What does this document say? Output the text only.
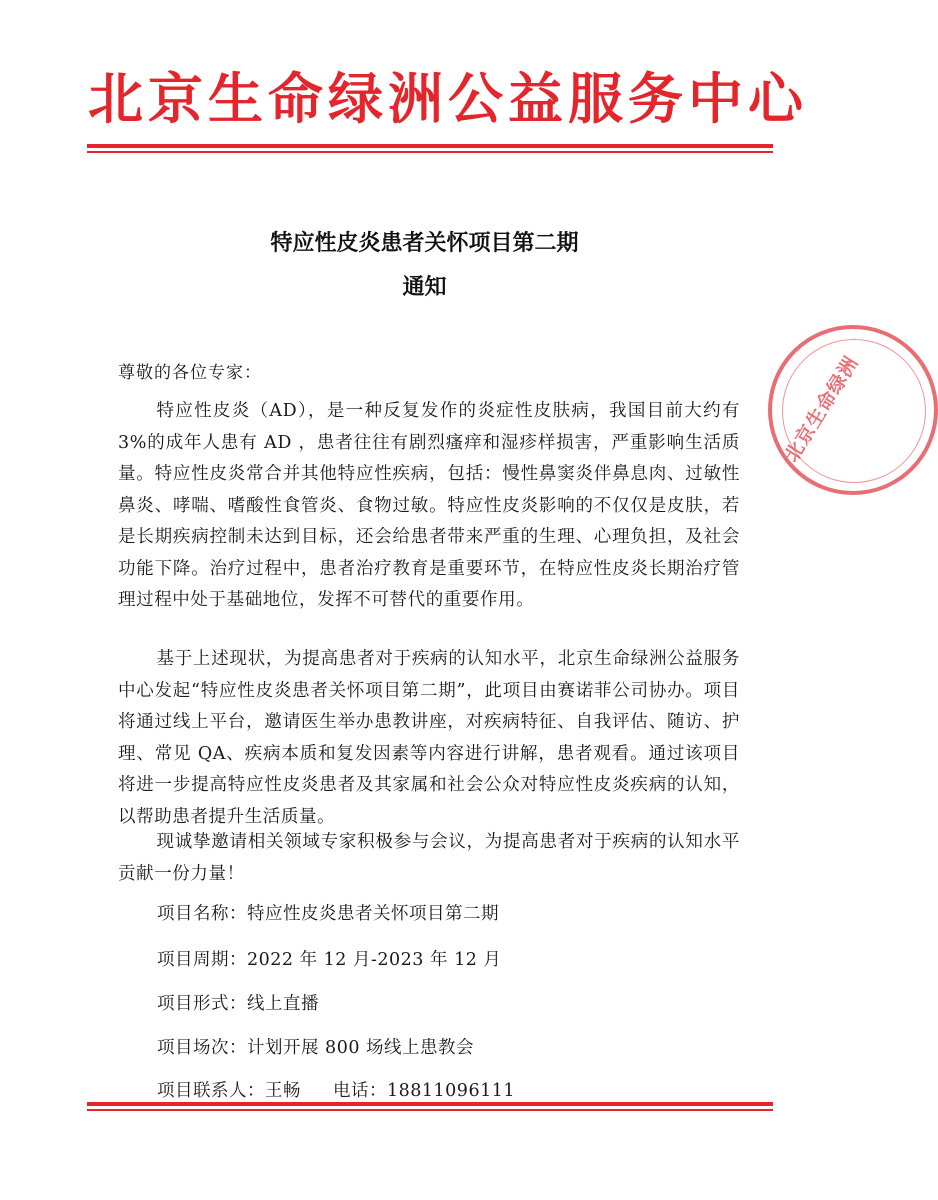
北京生命绿洲公益服务中心
特应性皮炎患者关怀项目第二期
通知
尊敬的各位专家：

特应性皮炎（AD），是一种反复发作的炎症性皮肤病，我国目前大约有 3%的成年人患有 AD ，患者往往有剧烈瘙痒和湿疹样损害，严重影响生活质量。特应性皮炎常合并其他特应性疾病，包括：慢性鼻窦炎伴鼻息肉、过敏性鼻炎、哮喘、嗜酸性食管炎、食物过敏。特应性皮炎影响的不仅仅是皮肤，若是长期疾病控制未达到目标，还会给患者带来严重的生理、心理负担，及社会功能下降。治疗过程中，患者治疗教育是重要环节，在特应性皮炎长期治疗管理过程中处于基础地位，发挥不可替代的重要作用。

基于上述现状，为提高患者对于疾病的认知水平，北京生命绿洲公益服务中心发起“特应性皮炎患者关怀项目第二期”，此项目由赛诺菲公司协办。项目将通过线上平台，邀请医生举办患教讲座，对疾病特征、自我评估、随访、护理、常见 QA、疾病本质和复发因素等内容进行讲解，患者观看。通过该项目将进一步提高特应性皮炎患者及其家属和社会公众对特应性皮炎疾病的认知，以帮助患者提升生活质量。

现诚挚邀请相关领域专家积极参与会议，为提高患者对于疾病的认知水平贡献一份力量！

项目名称：特应性皮炎患者关怀项目第二期
项目周期：2022 年 12 月-2023 年 12 月
项目形式：线上直播
项目场次：计划开展 800 场线上患教会
项目联系人：王畅 电话：18811096111
北京生命绿洲
